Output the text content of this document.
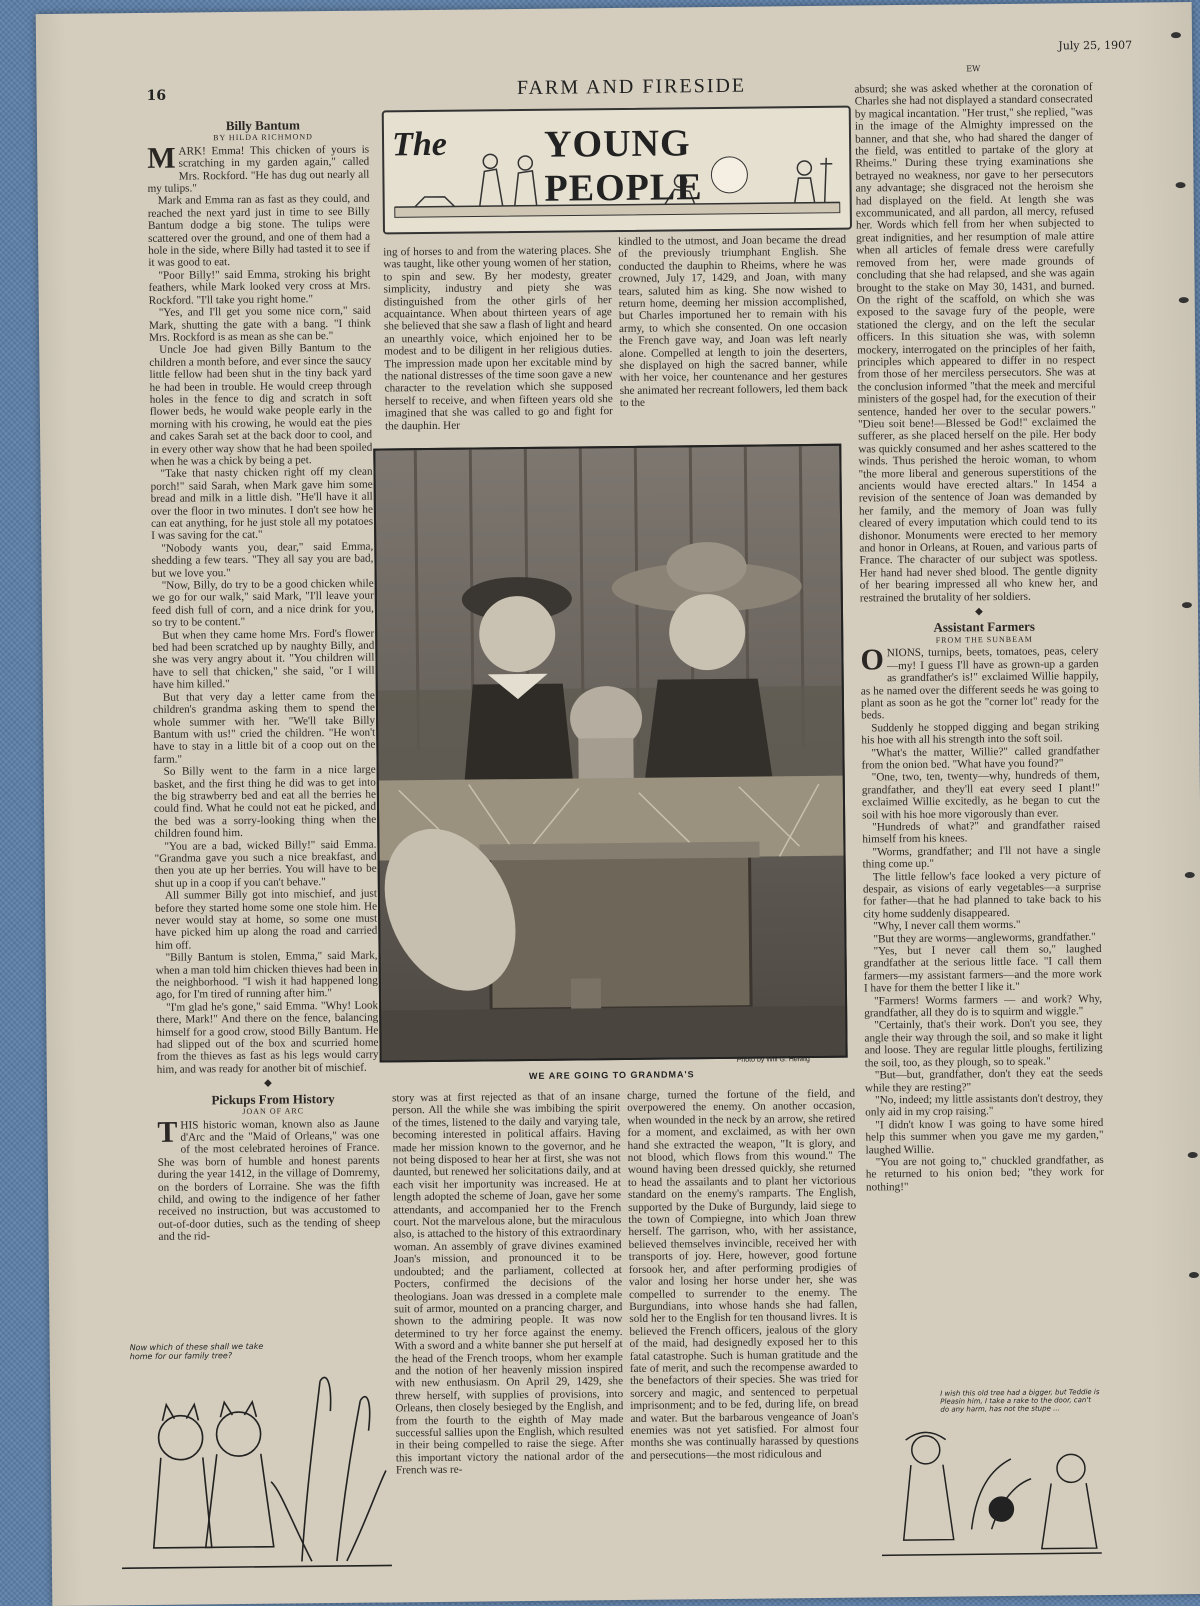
July 25, 1907
EW
16	FARM AND FIRESIDE
The	YOUNG PEOPLE

Billy Bantum

BY HILDA RICHMOND

MARK! Emma! This chicken of yours is scratching in my garden again," called Mrs. Rockford. "He has dug out nearly all my tulips."

Mark and Emma ran as fast as they could, and reached the next yard just in time to see Billy Bantum dodge a big stone. The tulips were scattered over the ground, and one of them had a hole in the side, where Billy had tasted it to see if it was good to eat.

"Poor Billy!" said Emma, stroking his bright feathers, while Mark looked very cross at Mrs. Rockford. "I'll take you right home."

"Yes, and I'll get you some nice corn," said Mark, shutting the gate with a bang. "I think Mrs. Rockford is as mean as she can be."

Uncle Joe had given Billy Bantum to the children a month before, and ever since the saucy little fellow had been shut in the tiny back yard he had been in trouble. He would creep through holes in the fence to dig and scratch in soft flower beds, he would wake people early in the morning with his crowing, he would eat the pies and cakes Sarah set at the back door to cool, and in every other way show that he had been spoiled when he was a chick by being a pet.

"Take that nasty chicken right off my clean porch!" said Sarah, when Mark gave him some bread and milk in a little dish. "He'll have it all over the floor in two minutes. I don't see how he can eat anything, for he just stole all my potatoes I was saving for the cat."

"Nobody wants you, dear," said Emma, shedding a few tears. "They all say you are bad, but we love you."

"Now, Billy, do try to be a good chicken while we go for our walk," said Mark, "I'll leave your feed dish full of corn, and a nice drink for you, so try to be content."

But when they came home Mrs. Ford's flower bed had been scratched up by naughty Billy, and she was very angry about it. "You children will have to sell that chicken," she said, "or I will have him killed."

But that very day a letter came from the children's grandma asking them to spend the whole summer with her. "We'll take Billy Bantum with us!" cried the children. "He won't have to stay in a little bit of a coop out on the farm."

So Billy went to the farm in a nice large basket, and the first thing he did was to get into the big strawberry bed and eat all the berries he could find. What he could not eat he picked, and the bed was a sorry-looking thing when the children found him.

"You are a bad, wicked Billy!" said Emma. "Grandma gave you such a nice breakfast, and then you ate up her berries. You will have to be shut up in a coop if you can't behave."

All summer Billy got into mischief, and just before they started home some one stole him. He never would stay at home, so some one must have picked him up along the road and carried him off.

"Billy Bantum is stolen, Emma," said Mark, when a man told him chicken thieves had been in the neighborhood. "I wish it had happened long ago, for I'm tired of running after him."

"I'm glad he's gone," said Emma. "Why! Look there, Mark!" And there on the fence, balancing himself for a good crow, stood Billy Bantum. He had slipped out of the box and scurried home from the thieves as fast as his legs would carry him, and was ready for another bit of mischief.

◆

Pickups From History

JOAN OF ARC

THIS historic woman, known also as Jaune d'Arc and the "Maid of Orleans," was one of the most celebrated heroines of France. She was born of humble and honest parents during the year 1412, in the village of Domremy, on the borders of Lorraine. She was the fifth child, and owing to the indigence of her father received no instruction, but was accustomed to out-of-door duties, such as the tending of sheep and the rid-

ing of horses to and from the watering places. She was taught, like other young women of her station, to spin and sew. By her modesty, greater simplicity, industry and piety she was distinguished from the other girls of her acquaintance. When about thirteen years of age she believed that she saw a flash of light and heard an unearthly voice, which enjoined her to be modest and to be diligent in her religious duties. The impression made upon her excitable mind by the national distresses of the time soon gave a new character to the revelation which she supposed herself to receive, and when fifteen years old she imagined that she was called to go and fight for the dauphin. Her

kindled to the utmost, and Joan became the dread of the previously triumphant English. She conducted the dauphin to Rheims, where he was crowned, July 17, 1429, and Joan, with many tears, saluted him as king. She now wished to return home, deeming her mission accomplished, but Charles importuned her to remain with his army, to which she consented. On one occasion the French gave way, and Joan was left nearly alone. Compelled at length to join the deserters, she displayed on high the sacred banner, while with her voice, her countenance and her gestures she animated her recreant followers, led them back to the

Photo by Will G. Helwig
WE ARE GOING TO GRANDMA'S

story was at first rejected as that of an insane person. All the while she was imbibing the spirit of the times, listened to the daily and varying tale, becoming interested in political affairs. Having made her mission known to the governor, and he not being disposed to hear her at first, she was not daunted, but renewed her solicitations daily, and at each visit her importunity was increased. He at length adopted the scheme of Joan, gave her some attendants, and accompanied her to the French court. Not the marvelous alone, but the miraculous also, is attached to the history of this extraordinary woman. An assembly of grave divines examined Joan's mission, and pronounced it to be undoubted; and the parliament, collected at Pocters, confirmed the decisions of the theologians. Joan was dressed in a complete male suit of armor, mounted on a prancing charger, and shown to the admiring people. It was now determined to try her force against the enemy. With a sword and a white banner she put herself at the head of the French troops, whom her example and the notion of her heavenly mission inspired with new enthusiasm. On April 29, 1429, she threw herself, with supplies of provisions, into Orleans, then closely besieged by the English, and from the fourth to the eighth of May made successful sallies upon the English, which resulted in their being compelled to raise the siege. After this important victory the national ardor of the French was re-

charge, turned the fortune of the field, and overpowered the enemy. On another occasion, when wounded in the neck by an arrow, she retired for a moment, and exclaimed, as with her own hand she extracted the weapon, "It is glory, and not blood, which flows from this wound." The wound having been dressed quickly, she returned to head the assailants and to plant her victorious standard on the enemy's ramparts. The English, supported by the Duke of Burgundy, laid siege to the town of Compiegne, into which Joan threw herself. The garrison, who, with her assistance, believed themselves invincible, received her with transports of joy. Here, however, good fortune forsook her, and after performing prodigies of valor and losing her horse under her, she was compelled to surrender to the enemy. The Burgundians, into whose hands she had fallen, sold her to the English for ten thousand livres. It is believed the French officers, jealous of the glory of the maid, had designedly exposed her to this fatal catastrophe. Such is human gratitude and the fate of merit, and such the recompense awarded to the benefactors of their species. She was tried for sorcery and magic, and sentenced to perpetual imprisonment; and to be fed, during life, on bread and water. But the barbarous vengeance of Joan's enemies was not yet satisfied. For almost four months she was continually harassed by questions and persecutions—the most ridiculous and

absurd; she was asked whether at the coronation of Charles she had not displayed a standard consecrated by magical incantation. "Her trust," she replied, "was in the image of the Almighty impressed on the banner, and that she, who had shared the danger of the field, was entitled to partake of the glory at Rheims." During these trying examinations she betrayed no weakness, nor gave to her persecutors any advantage; she disgraced not the heroism she had displayed on the field. At length she was excommunicated, and all pardon, all mercy, refused her. Words which fell from her when subjected to great indignities, and her resumption of male attire when all articles of female dress were carefully removed from her, were made grounds of concluding that she had relapsed, and she was again brought to the stake on May 30, 1431, and burned. On the right of the scaffold, on which she was exposed to the savage fury of the people, were stationed the clergy, and on the left the secular officers. In this situation she was, with solemn mockery, interrogated on the principles of her faith, principles which appeared to differ in no respect from those of her merciless persecutors. She was at the conclusion informed "that the meek and merciful ministers of the gospel had, for the execution of their sentence, handed her over to the secular powers." "Dieu soit bene!—Blessed be God!" exclaimed the sufferer, as she placed herself on the pile. Her body was quickly consumed and her ashes scattered to the winds. Thus perished the heroic woman, to whom "the more liberal and generous superstitions of the ancients would have erected altars." In 1454 a revision of the sentence of Joan was demanded by her family, and the memory of Joan was fully cleared of every imputation which could tend to its dishonor. Monuments were erected to her memory and honor in Orleans, at Rouen, and various parts of France. The character of our subject was spotless. Her hand had never shed blood. The gentle dignity of her bearing impressed all who knew her, and restrained the brutality of her soldiers.

◆

Assistant Farmers

FROM THE SUNBEAM

ONIONS, turnips, beets, tomatoes, peas, celery—my! I guess I'll have as grown-up a garden as grandfather's is!" exclaimed Willie happily, as he named over the different seeds he was going to plant as soon as he got the "corner lot" ready for the beds.

Suddenly he stopped digging and began striking his hoe with all his strength into the soft soil.

"What's the matter, Willie?" called grandfather from the onion bed. "What have you found?"

"One, two, ten, twenty—why, hundreds of them, grandfather, and they'll eat every seed I plant!" exclaimed Willie excitedly, as he began to cut the soil with his hoe more vigorously than ever.

"Hundreds of what?" and grandfather raised himself from his knees.

"Worms, grandfather; and I'll not have a single thing come up."

The little fellow's face looked a very picture of despair, as visions of early vegetables—a surprise for father—that he had planned to take back to his city home suddenly disappeared.

"Why, I never call them worms."

"But they are worms—angleworms, grandfather."

"Yes, but I never call them so," laughed grandfather at the serious little face. "I call them farmers—my assistant farmers—and the more work I have for them the better I like it."

"Farmers! Worms farmers — and work? Why, grandfather, all they do is to squirm and wiggle."

"Certainly, that's their work. Don't you see, they angle their way through the soil, and so make it light and loose. They are regular little ploughs, fertilizing the soil, too, as they plough, so to speak."

"But—but, grandfather, don't they eat the seeds while they are resting?"

"No, indeed; my little assistants don't destroy, they only aid in my crop raising."

"I didn't know I was going to have some hired help this summer when you gave me my garden," laughed Willie.

"You are not going to," chuckled grandfather, as he returned to his onion bed; "they work for nothing!"

Now which of these shall we take home for our family tree?
I wish this old tree had a bigger, but Teddie is Pleasin him, I take a rake to the door, can't do any harm, has not the stupe ...
